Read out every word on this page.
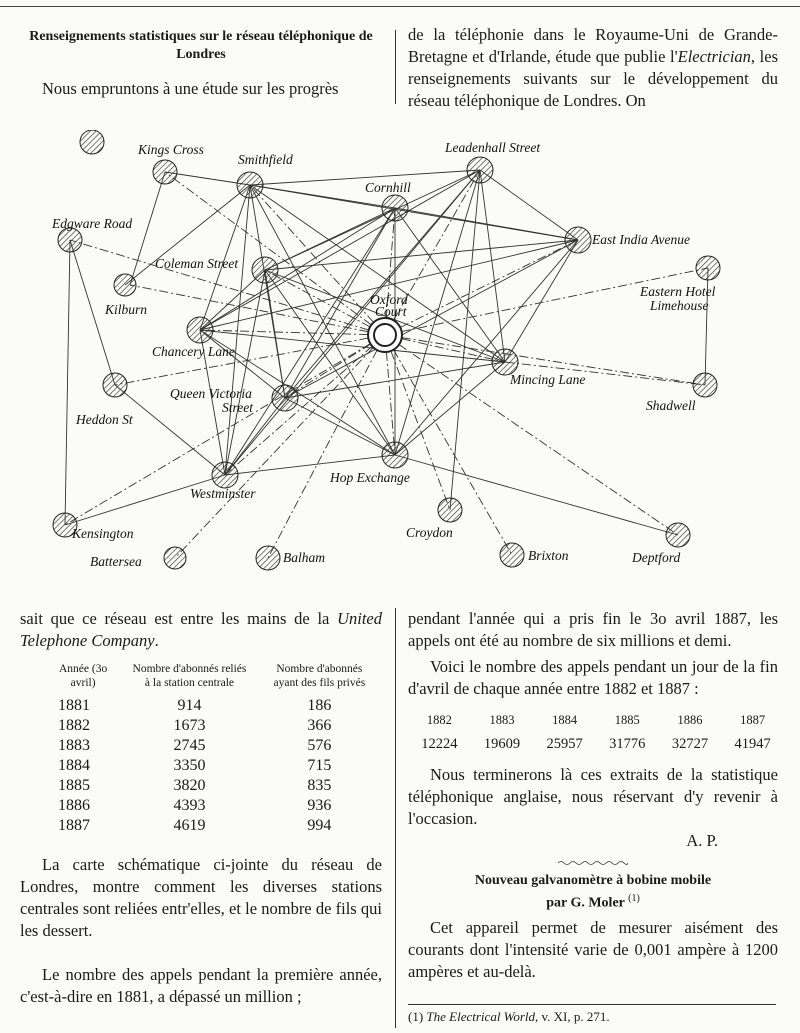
Renseignements statistiques sur le réseau téléphonique de Londres

Nous empruntons à une étude sur les progrès

de la téléphonie dans le Royaume-Uni de Grande-Bretagne et d'Irlande, étude que publie l'Electrician, les renseignements suivants sur le développement du réseau téléphonique de Londres. On

Kings Cross
Smithfield
Leadenhall Street
Edgware Road
Cornhill
East India Avenue
Coleman Street
Kilburn
Eastern Hotel
Limehouse
Oxford
Court
Chancery Lane
Mincing Lane
Heddon St
Queen Victoria
Street	Shadwell
Hop Exchange
Westminster
Kensington	Croydon
Battersea	Balham	Brixton	Deptford

sait que ce réseau est entre les mains de la United Telephone Company.

Année (3o avril)	Nombre d'abonnés reliés à la station centrale	Nombre d'abonnés ayant des fils privés
1881	914	186
1882	1673	366
1883	2745	576
1884	3350	715
1885	3820	835
1886	4393	936
1887	4619	994

La carte schématique ci-jointe du réseau de Londres, montre comment les diverses stations centrales sont reliées entr'elles, et le nombre de fils qui les dessert.

Le nombre des appels pendant la première année, c'est-à-dire en 1881, a dépassé un million ;

pendant l'année qui a pris fin le 3o avril 1887, les appels ont été au nombre de six millions et demi.

Voici le nombre des appels pendant un jour de la fin d'avril de chaque année entre 1882 et 1887 :

1882	1883	1884	1885	1886	1887
12224	19609	25957	31776	32727	41947

Nous terminerons là ces extraits de la statistique téléphonique anglaise, nous réservant d'y revenir à l'occasion.

A. P.
Nouveau galvanomètre à bobine mobile
par G. Moler $^{(1)}$

Cet appareil permet de mesurer aisément des courants dont l'intensité varie de 0,001 ampère à 1200 ampères et au-delà.

(1) The Electrical World, v. XI, p. 271.
